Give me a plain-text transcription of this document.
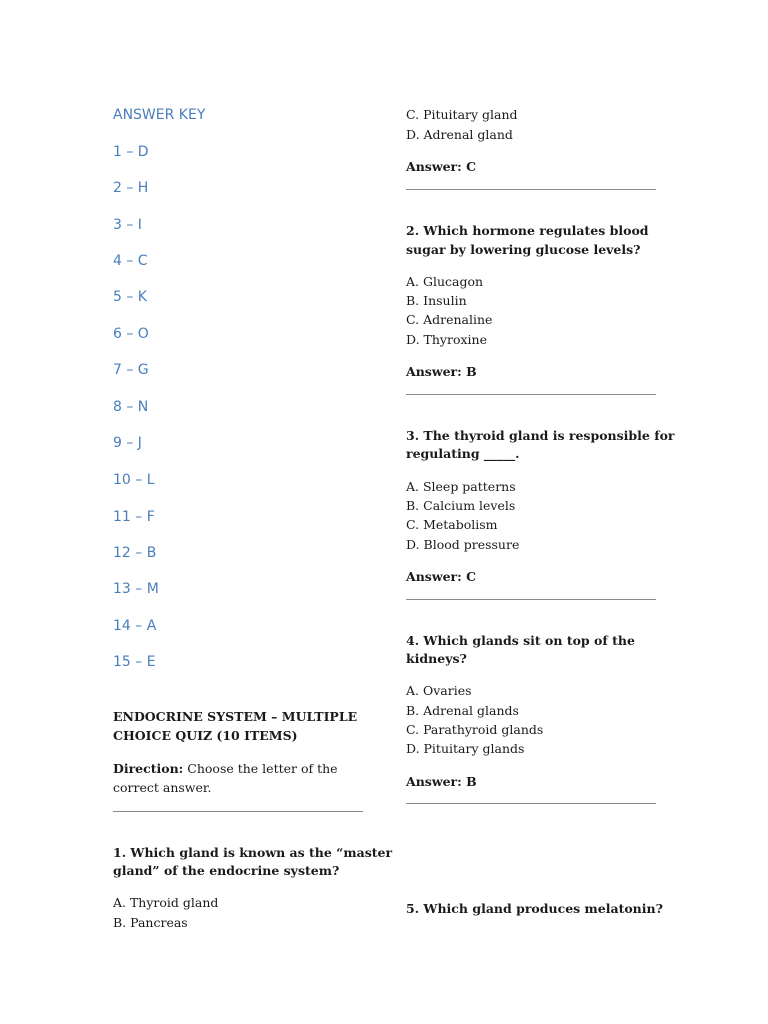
ANSWER KEY
1 – D
2 – H
3 – I
4 – C
5 – K
6 – O
7 – G
8 – N
9 – J
10 – L
11 – F
12 – B
13 – M
14 – A
15 – E
ENDOCRINE SYSTEM – MULTIPLE
CHOICE QUIZ (10 ITEMS)
Direction: Choose the letter of the
correct answer.
1. Which gland is known as the “master
gland” of the endocrine system?
A. Thyroid gland
B. Pancreas
C. Pituitary gland
D. Adrenal gland
Answer: C
2. Which hormone regulates blood
sugar by lowering glucose levels?
A. Glucagon
B. Insulin
C. Adrenaline
D. Thyroxine
Answer: B
3. The thyroid gland is responsible for
regulating _____.
A. Sleep patterns
B. Calcium levels
C. Metabolism
D. Blood pressure
Answer: C
4. Which glands sit on top of the
kidneys?
A. Ovaries
B. Adrenal glands
C. Parathyroid glands
D. Pituitary glands
Answer: B
5. Which gland produces melatonin?
